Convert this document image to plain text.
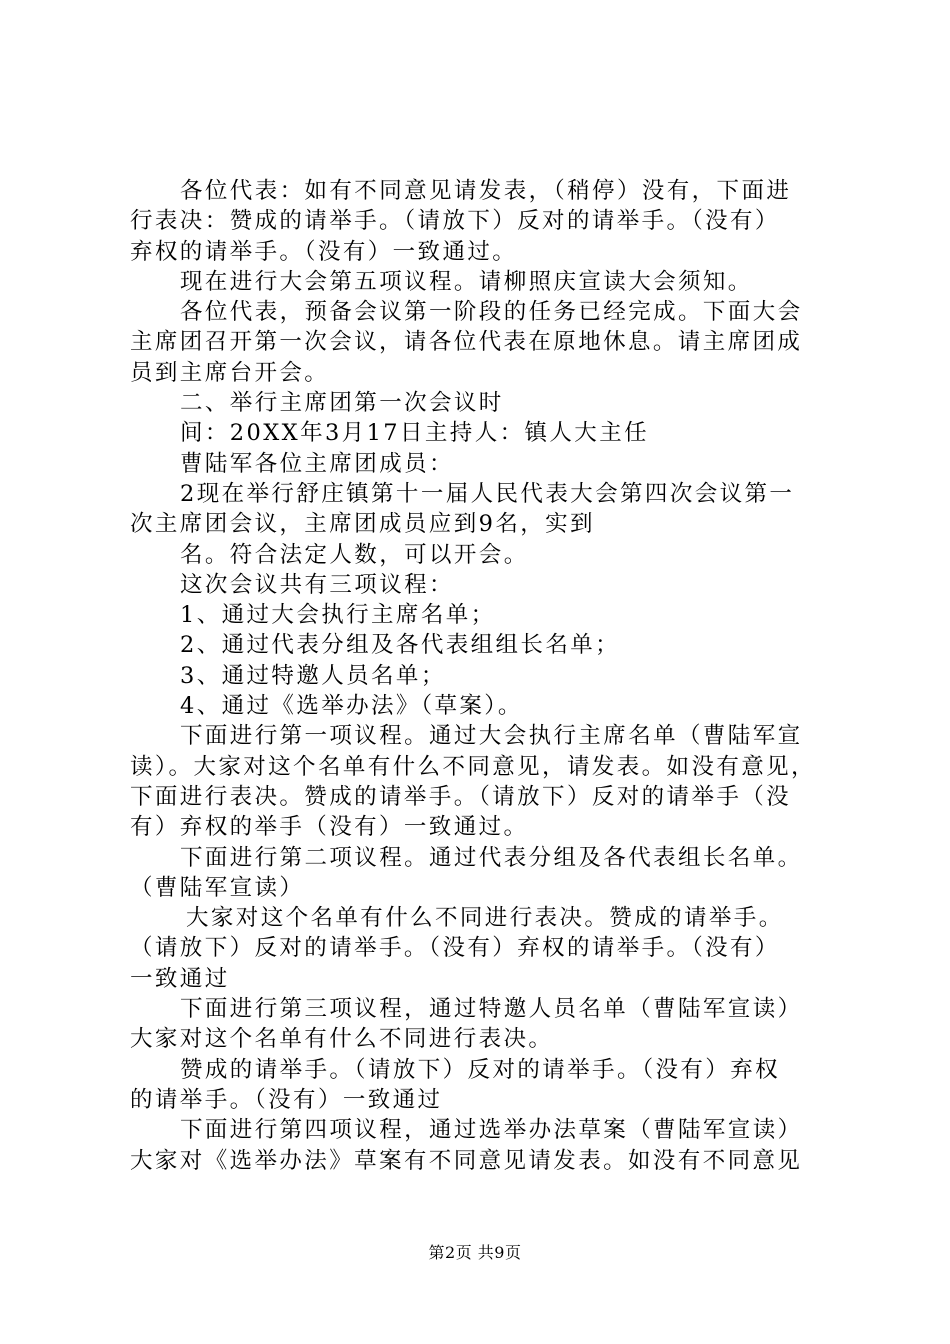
各位代表：如有不同意见请发表，（稍停）没有，下面进
行表决：赞成的请举手。（请放下）反对的请举手。（没有）
弃权的请举手。（没有）一致通过。
现在进行大会第五项议程。请柳照庆宣读大会须知。
各位代表，预备会议第一阶段的任务已经完成。下面大会
主席团召开第一次会议，请各位代表在原地休息。请主席团成
员到主席台开会。
二、举行主席团第一次会议时
间：20XX年3月17日主持人：镇人大主任
曹陆军各位主席团成员：
2现在举行舒庄镇第十一届人民代表大会第四次会议第一
次主席团会议，主席团成员应到9名，实到
名。符合法定人数，可以开会。
这次会议共有三项议程：
1、通过大会执行主席名单；
2、通过代表分组及各代表组组长名单；
3、通过特邀人员名单；
4、通过《选举办法》（草案）。
下面进行第一项议程。通过大会执行主席名单（曹陆军宣
读）。大家对这个名单有什么不同意见，请发表。如没有意见，
下面进行表决。赞成的请举手。（请放下）反对的请举手（没
有）弃权的举手（没有）一致通过。
下面进行第二项议程。通过代表分组及各代表组长名单。
（曹陆军宣读）
大家对这个名单有什么不同进行表决。赞成的请举手。
（请放下）反对的请举手。（没有）弃权的请举手。（没有）
一致通过
下面进行第三项议程，通过特邀人员名单（曹陆军宣读）
大家对这个名单有什么不同进行表决。
赞成的请举手。（请放下）反对的请举手。（没有）弃权
的请举手。（没有）一致通过
下面进行第四项议程，通过选举办法草案（曹陆军宣读）
大家对《选举办法》草案有不同意见请发表。如没有不同意见
第2页 共9页
